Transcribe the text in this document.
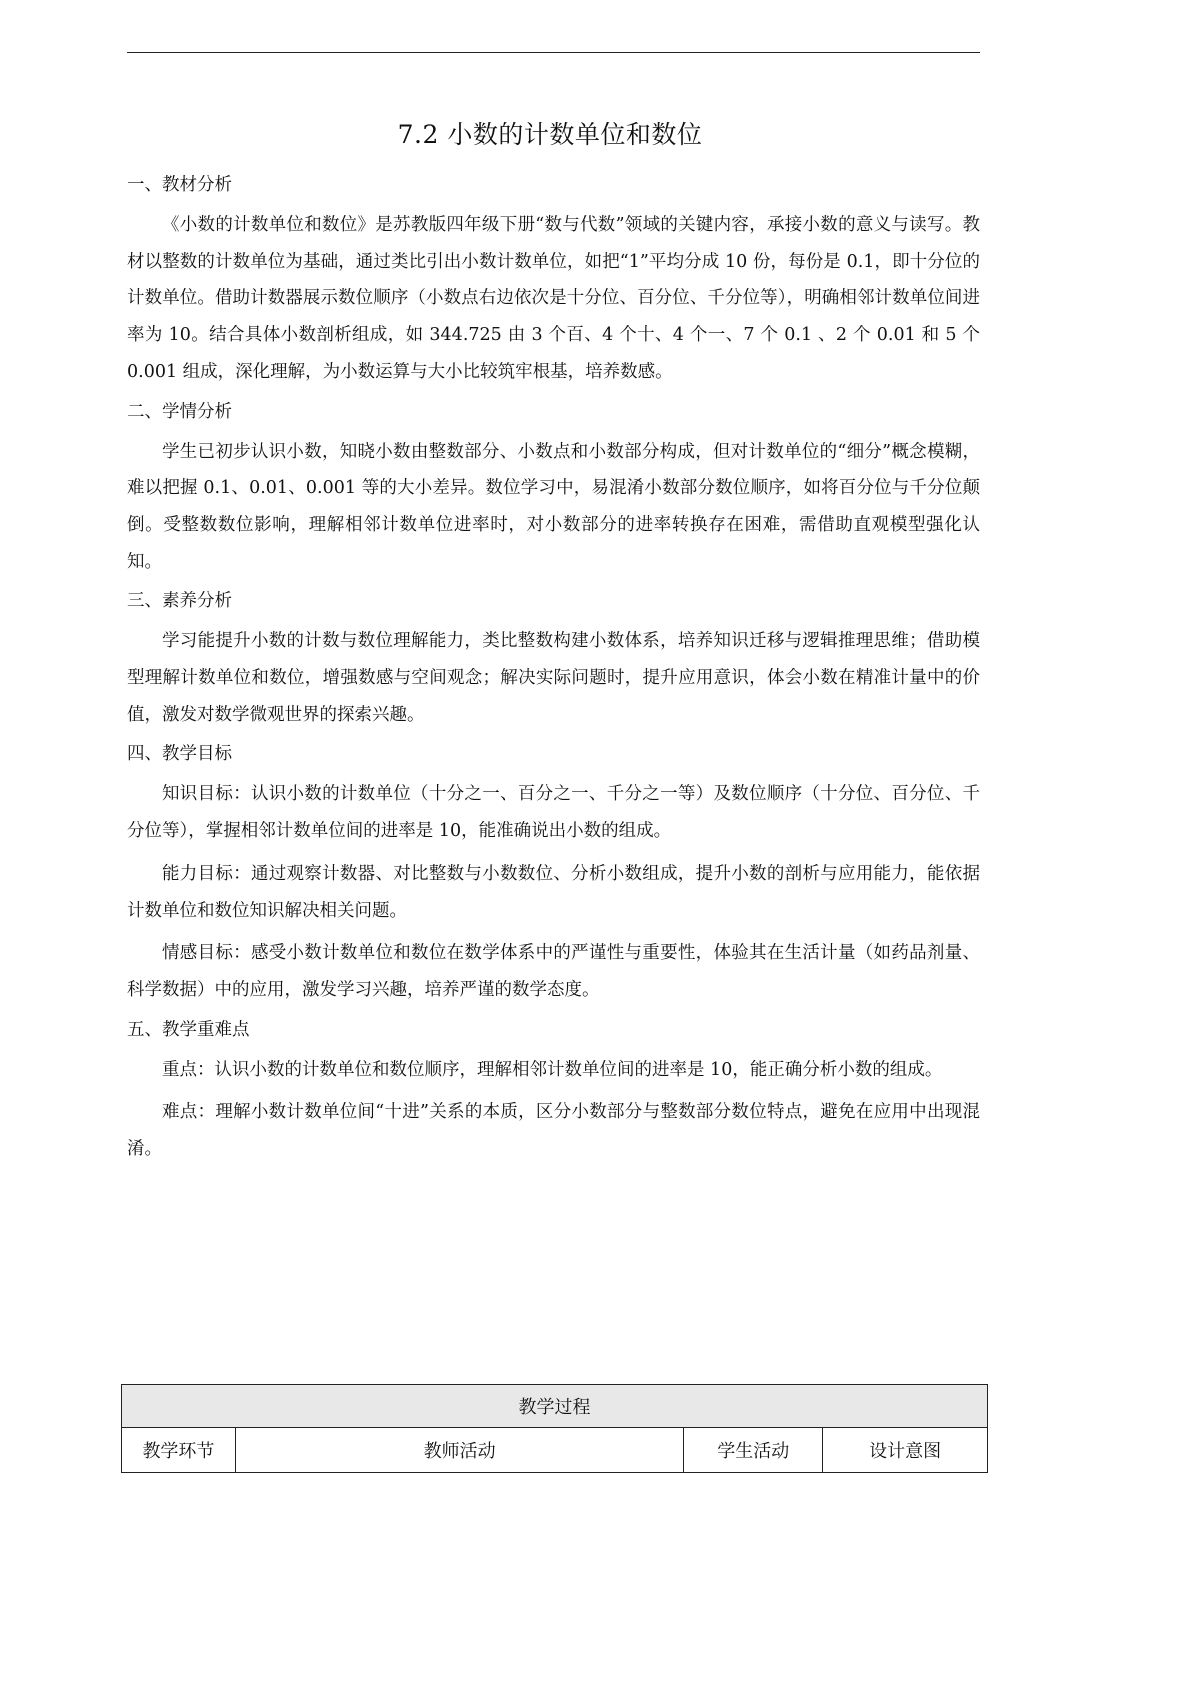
7.2 小数的计数单位和数位
一、教材分析
《小数的计数单位和数位》是苏教版四年级下册“数与代数”领域的关键内容，承接小数的意义与读写。教材以整数的计数单位为基础，通过类比引出小数计数单位，如把“1”平均分成 10 份，每份是 0.1，即十分位的计数单位。借助计数器展示数位顺序（小数点右边依次是十分位、百分位、千分位等），明确相邻计数单位间进率为 10。结合具体小数剖析组成，如 344.725 由 3 个百、4 个十、4 个一、7 个 0.1 、2 个 0.01 和 5 个 0.001 组成，深化理解，为小数运算与大小比较筑牢根基，培养数感。
二、学情分析
学生已初步认识小数，知晓小数由整数部分、小数点和小数部分构成，但对计数单位的“细分”概念模糊，难以把握 0.1、0.01、0.001 等的大小差异。数位学习中，易混淆小数部分数位顺序，如将百分位与千分位颠倒。受整数数位影响，理解相邻计数单位进率时，对小数部分的进率转换存在困难，需借助直观模型强化认知。
三、素养分析
学习能提升小数的计数与数位理解能力，类比整数构建小数体系，培养知识迁移与逻辑推理思维；借助模型理解计数单位和数位，增强数感与空间观念；解决实际问题时，提升应用意识，体会小数在精准计量中的价值，激发对数学微观世界的探索兴趣。
四、教学目标
知识目标：认识小数的计数单位（十分之一、百分之一、千分之一等）及数位顺序（十分位、百分位、千分位等），掌握相邻计数单位间的进率是 10，能准确说出小数的组成。
能力目标：通过观察计数器、对比整数与小数数位、分析小数组成，提升小数的剖析与应用能力，能依据计数单位和数位知识解决相关问题。
情感目标：感受小数计数单位和数位在数学体系中的严谨性与重要性，体验其在生活计量（如药品剂量、科学数据）中的应用，激发学习兴趣，培养严谨的数学态度。
五、教学重难点
重点：认识小数的计数单位和数位顺序，理解相邻计数单位间的进率是 10，能正确分析小数的组成。
难点：理解小数计数单位间“十进”关系的本质，区分小数部分与整数部分数位特点，避免在应用中出现混淆。
教学过程
教学环节	教师活动	学生活动	设计意图
